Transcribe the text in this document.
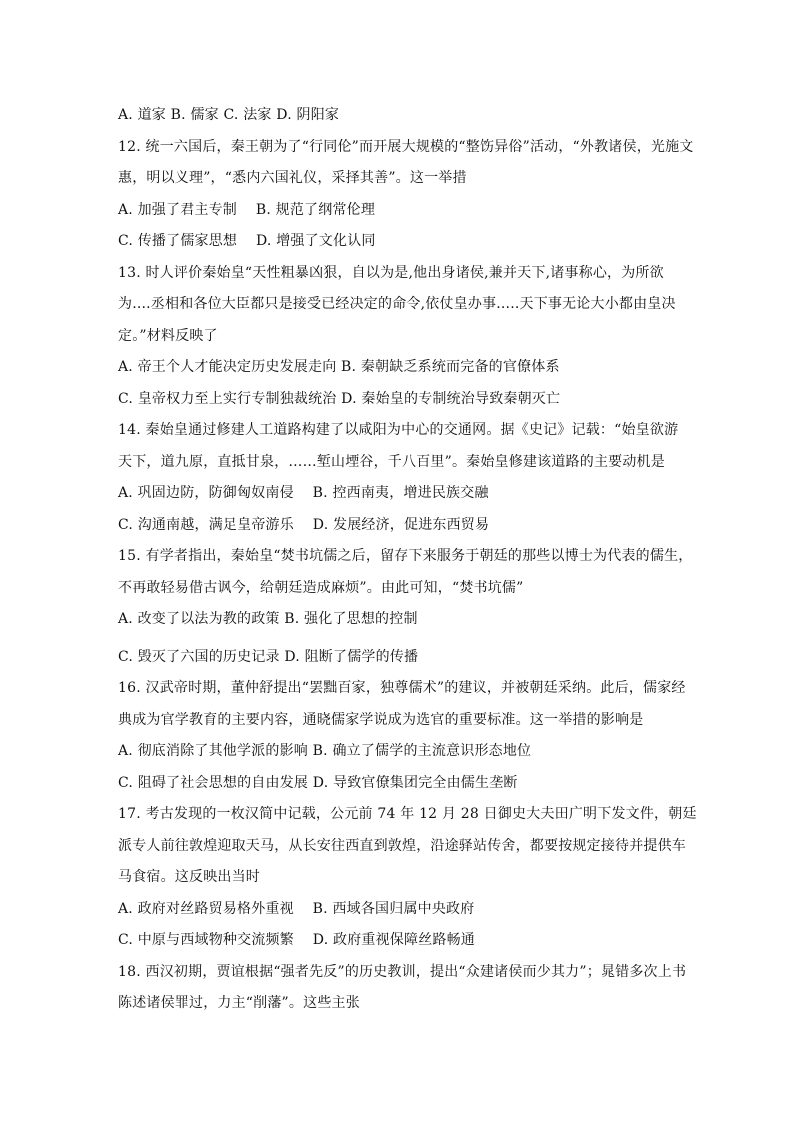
A. 道家 B. 儒家 C. 法家 D. 阴阳家
12. 统一六国后，秦王朝为了“行同伦”而开展大规模的“整饬异俗”活动，“外教诸侯，光施文
惠，明以义理”，“悉内六国礼仪，采择其善”。这一举措
A. 加强了君主专制　 B. 规范了纲常伦理
C. 传播了儒家思想　 D. 增强了文化认同
13. 时人评价秦始皇“天性粗暴凶狠，自以为是,他出身诸侯,兼并天下,诸事称心，为所欲
为....丞相和各位大臣都只是接受已经决定的命令,依仗皇办事.....天下事无论大小都由皇决
定。”材料反映了
A. 帝王个人才能决定历史发展走向 B. 秦朝缺乏系统而完备的官僚体系
C. 皇帝权力至上实行专制独裁统治 D. 秦始皇的专制统治导致秦朝灭亡
14. 秦始皇通过修建人工道路构建了以咸阳为中心的交通网。据《史记》记载：“始皇欲游
天下，道九原，直抵甘泉，……堑山堙谷，千八百里”。秦始皇修建该道路的主要动机是
A. 巩固边防，防御匈奴南侵　 B. 控西南夷，增进民族交融
C. 沟通南越，满足皇帝游乐　 D. 发展经济，促进东西贸易
15. 有学者指出，秦始皇“焚书坑儒之后，留存下来服务于朝廷的那些以博士为代表的儒生，
不再敢轻易借古讽今，给朝廷造成麻烦”。由此可知，“焚书坑儒”
A. 改变了以法为教的政策 B. 强化了思想的控制
C. 毁灭了六国的历史记录 D. 阻断了儒学的传播
16. 汉武帝时期，董仲舒提出“罢黜百家，独尊儒术”的建议，并被朝廷采纳。此后，儒家经
典成为官学教育的主要内容，通晓儒家学说成为选官的重要标准。这一举措的影响是
A. 彻底消除了其他学派的影响 B. 确立了儒学的主流意识形态地位
C. 阻碍了社会思想的自由发展 D. 导致官僚集团完全由儒生垄断
17. 考古发现的一枚汉简中记载，公元前 74 年 12 月 28 日御史大夫田广明下发文件，朝廷
派专人前往敦煌迎取天马，从长安往西直到敦煌，沿途驿站传舍，都要按规定接待并提供车
马食宿。这反映出当时
A. 政府对丝路贸易格外重视　 B. 西域各国归属中央政府
C. 中原与西域物种交流频繁　 D. 政府重视保障丝路畅通
18. 西汉初期，贾谊根据“强者先反”的历史教训，提出“众建诸侯而少其力”；晁错多次上书
陈述诸侯罪过，力主“削藩”。这些主张
